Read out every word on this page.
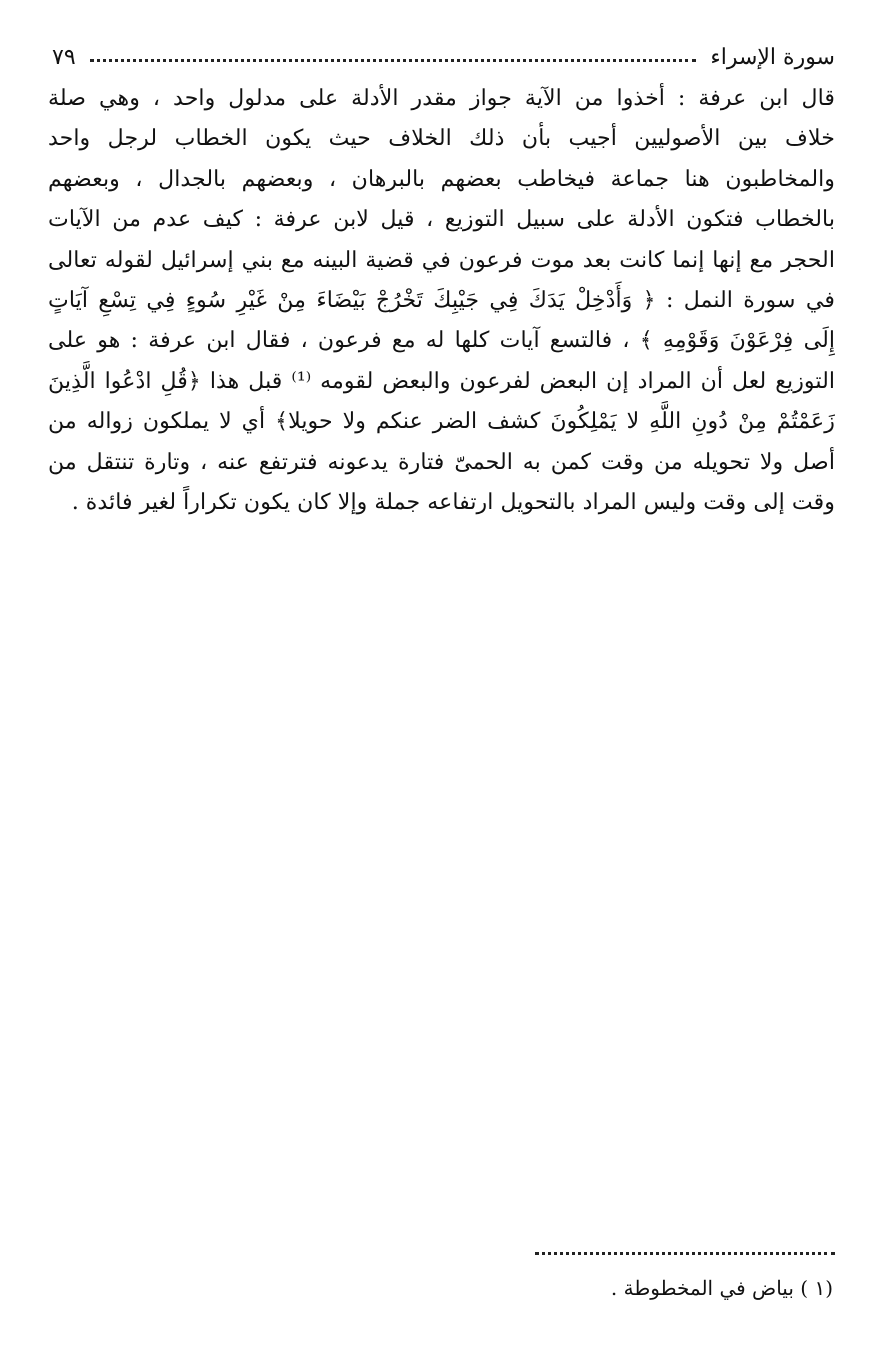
سورة الإسراء
٧٩
قال ابن عرفة : أخذوا من الآية جواز مقدر الأدلة على مدلول واحد ، وهي صلة
خلاف بين الأصوليين أجيب بأن ذلك الخلاف حيث يكون الخطاب لرجل واحد
والمخاطبون هنا جماعة فيخاطب بعضهم بالبرهان ، وبعضهم بالجدال ، وبعضهم
بالخطاب فتكون الأدلة على سبيل التوزيع ، قيل لابن عرفة : كيف عدم من الآيات
الحجر مع إنها إنما كانت بعد موت فرعون في قضية البينه مع بني إسرائيل لقوله تعالى
في سورة النمل : ﴿ وَأَدْخِلْ يَدَكَ فِي جَيْبِكَ تَخْرُجْ بَيْضَاءَ مِنْ غَيْرِ سُوءٍ فِي تِسْعِ آيَاتٍ
إِلَى فِرْعَوْنَ وَقَوْمِهِ ﴾ ، فالتسع آيات كلها له مع فرعون ، فقال ابن عرفة : هو على
التوزيع لعل أن المراد إن البعض لفرعون والبعض لقومه ⁽¹⁾ قبل هذا ﴿قُلِ ادْعُوا الَّذِينَ
زَعَمْتُمْ مِنْ دُونِ اللَّهِ لا يَمْلِكُونَ كشف الضر عنكم ولا حويلا﴾ أي لا يملكون زواله من
أصل ولا تحويله من وقت كمن به الحمىّ فتارة يدعونه فترتفع عنه ، وتارة تنتقل من
وقت إلى وقت وليس المراد بالتحويل ارتفاعه جملة وإلا كان يكون تكراراً لغير فائدة .
(١ ) بياض في المخطوطة .
